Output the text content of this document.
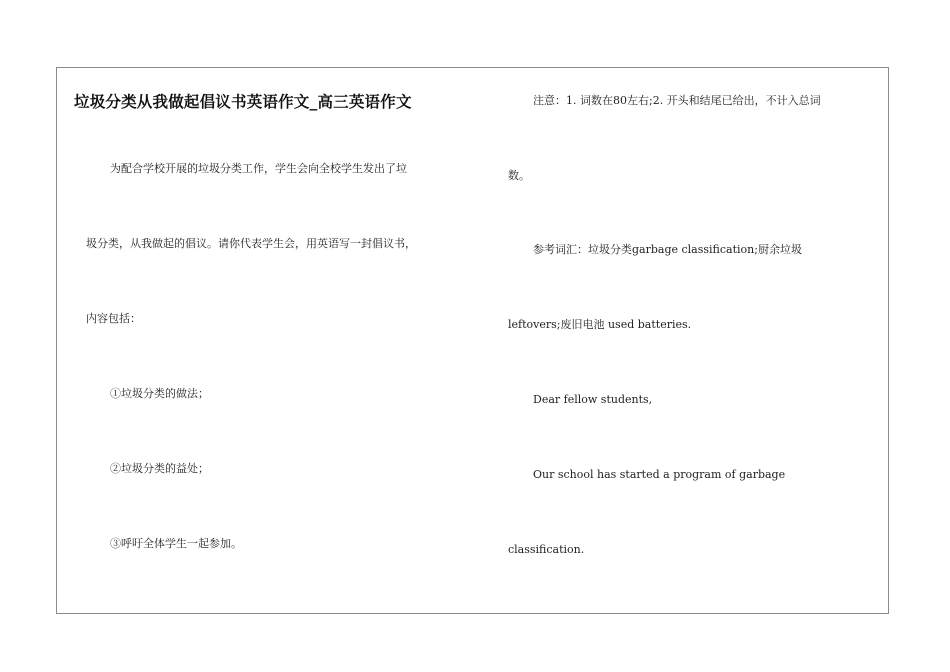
垃圾分类从我做起倡议书英语作文_高三英语作文
为配合学校开展的垃圾分类工作，学生会向全校学生发出了垃
圾分类，从我做起的倡议。请你代表学生会，用英语写一封倡议书，
内容包括：
①垃圾分类的做法；
②垃圾分类的益处；
③呼吁全体学生一起参加。
注意：1. 词数在80左右;2. 开头和结尾已给出，不计入总词
数。
参考词汇：垃圾分类garbage classification;厨余垃圾
leftovers;废旧电池 used batteries.
Dear fellow students,
Our school has started a program of garbage
classification.
